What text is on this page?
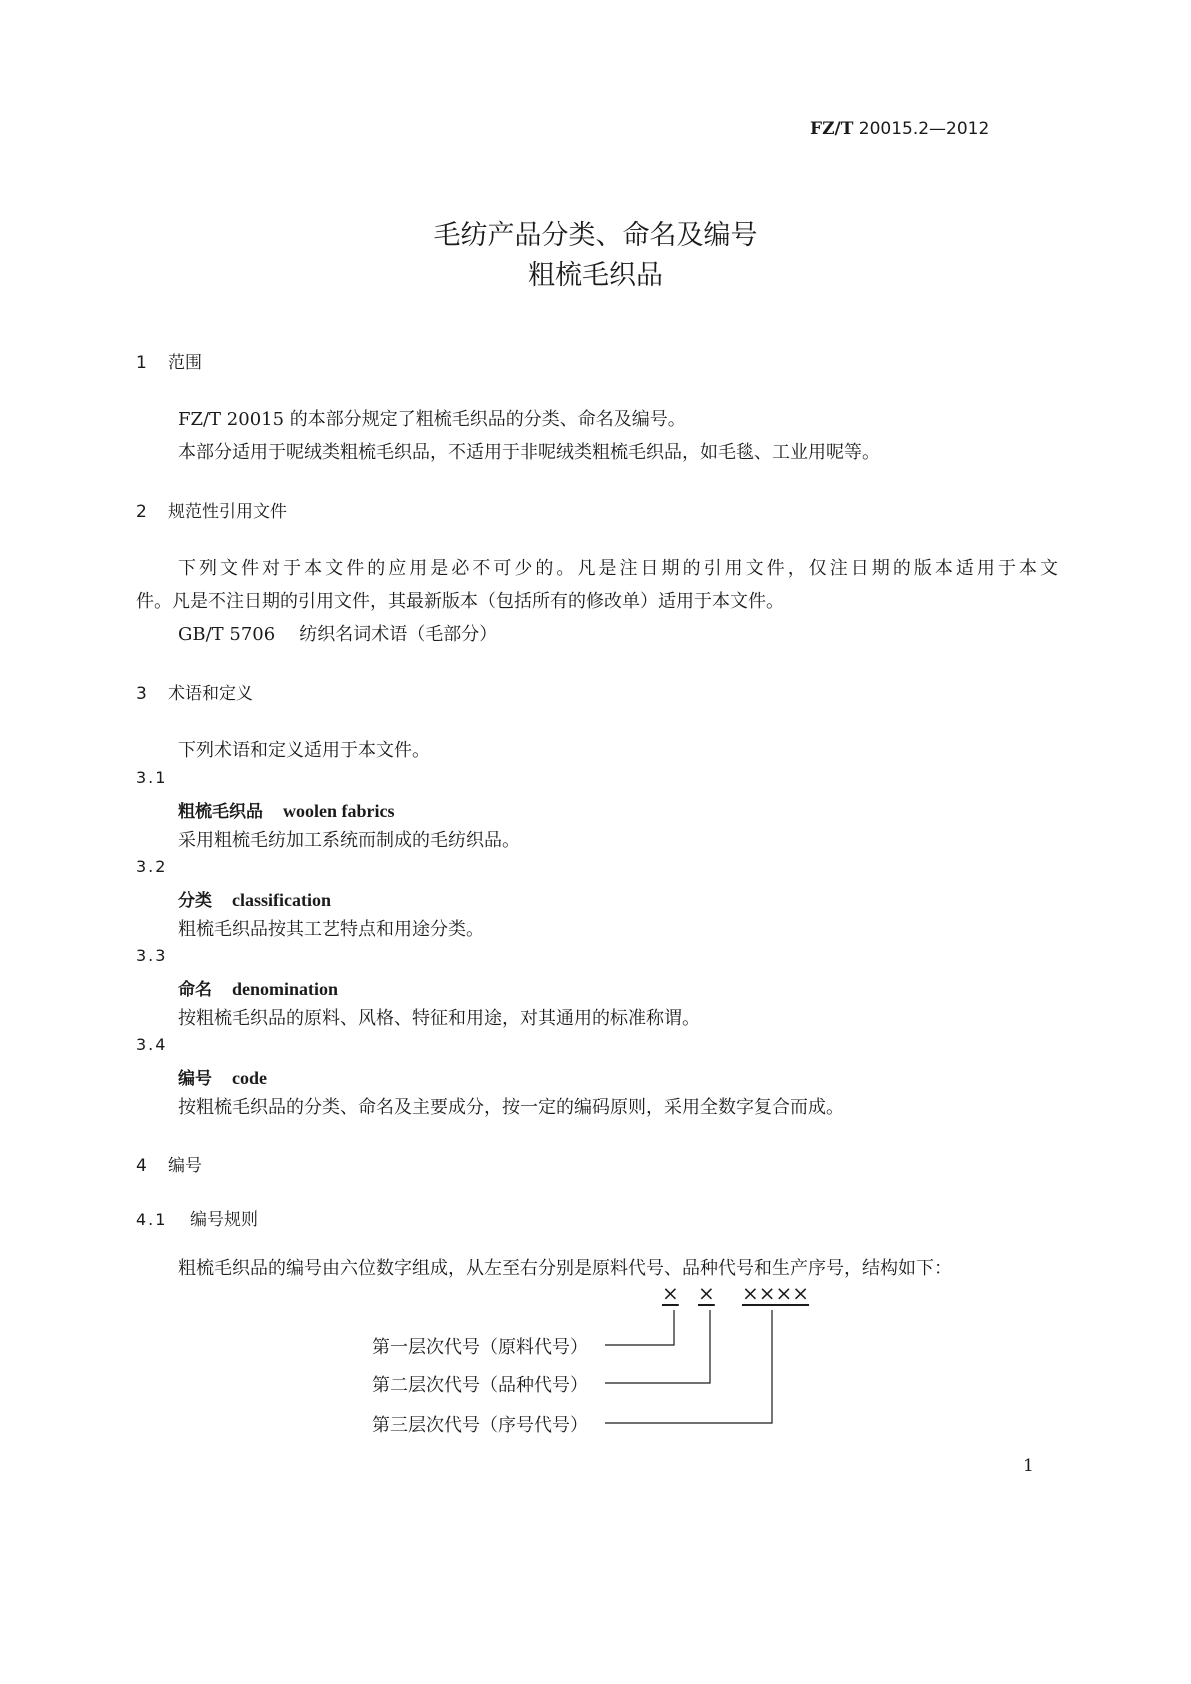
FZ/T 20015.2—2012
毛纺产品分类、命名及编号
粗梳毛织品
1 范围
FZ/T 20015 的本部分规定了粗梳毛织品的分类、命名及编号。
本部分适用于呢绒类粗梳毛织品，不适用于非呢绒类粗梳毛织品，如毛毯、工业用呢等。
2 规范性引用文件
下列文件对于本文件的应用是必不可少的。凡是注日期的引用文件，仅注日期的版本适用于本文
件。凡是不注日期的引用文件，其最新版本（包括所有的修改单）适用于本文件。
GB/T 5706 纺织名词术语（毛部分）
3 术语和定义
下列术语和定义适用于本文件。
3.1
粗梳毛织品 woolen fabrics
采用粗梳毛纺加工系统而制成的毛纺织品。
3.2
分类 classification
粗梳毛织品按其工艺特点和用途分类。
3.3
命名 denomination
按粗梳毛织品的原料、风格、特征和用途，对其通用的标准称谓。
3.4
编号 code
按粗梳毛织品的分类、命名及主要成分，按一定的编码原则，采用全数字复合而成。
4 编号
4.1 编号规则
粗梳毛织品的编号由六位数字组成，从左至右分别是原料代号、品种代号和生产序号，结构如下：
× × ××××
第一层次代号（原料代号）
第二层次代号（品种代号）
第三层次代号（序号代号）
1
